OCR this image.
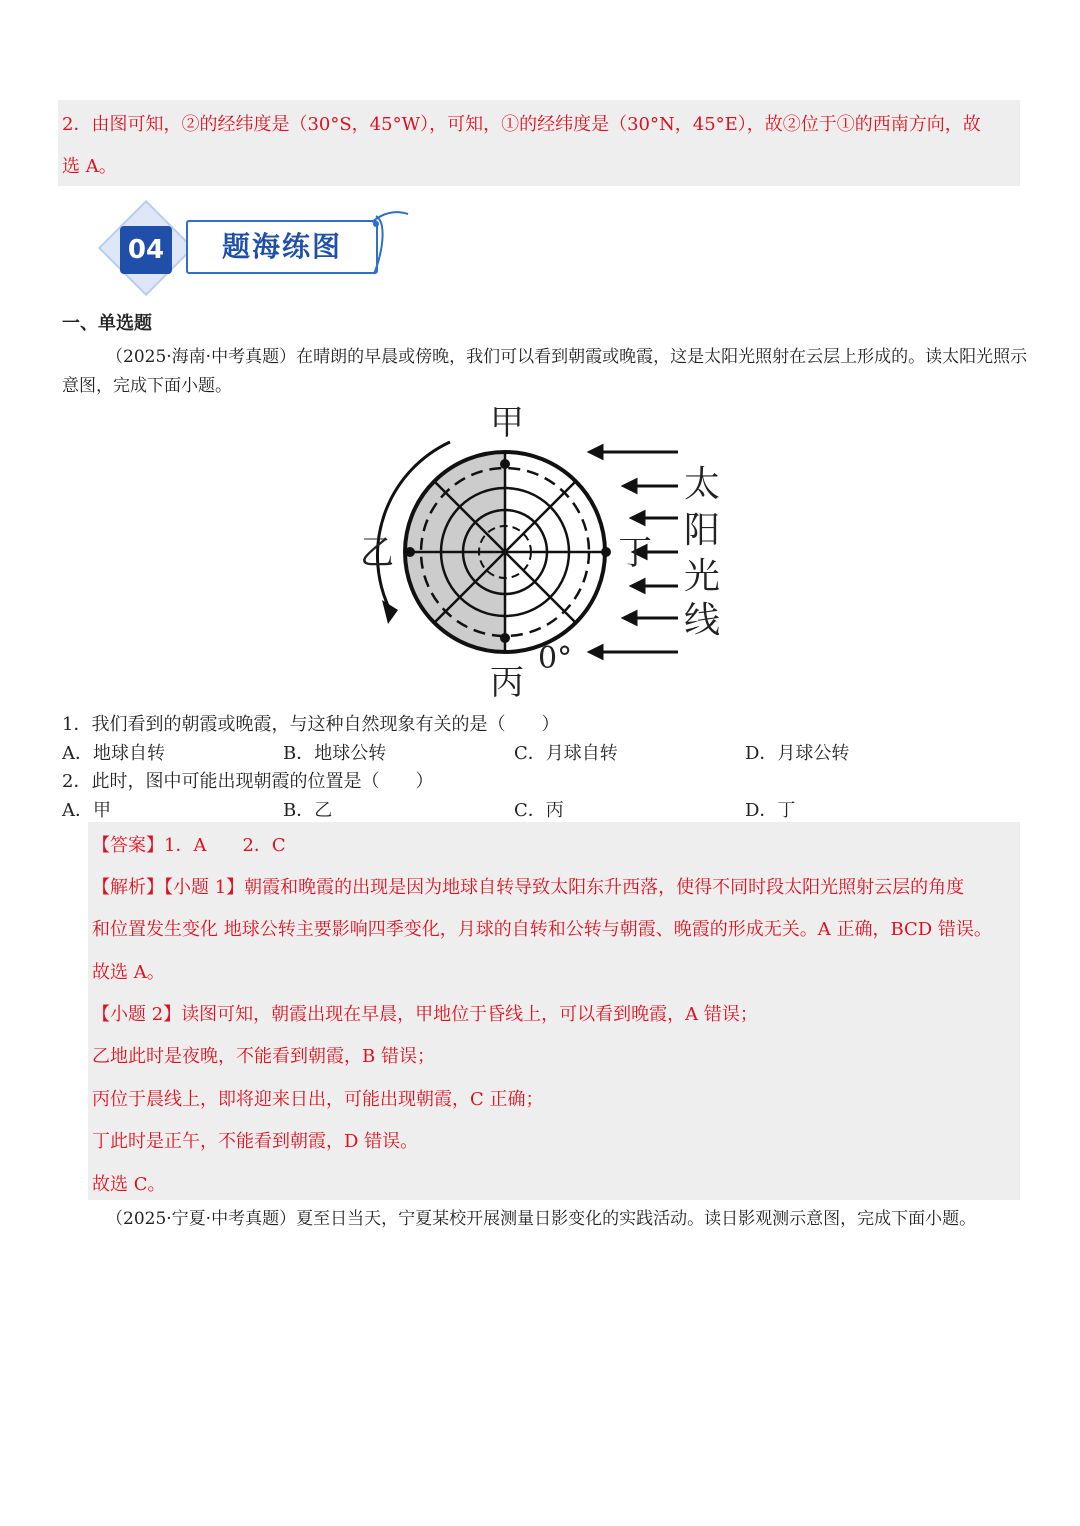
2．由图可知，②的经纬度是（30°S，45°W），可知，①的经纬度是（30°N，45°E），故②位于①的西南方向，故
选 A。
04	题海练图
一、单选题
（2025·海南·中考真题）在晴朗的早晨或傍晚，我们可以看到朝霞或晚霞，这是太阳光照射在云层上形成的。读太阳光照示意图，完成下面小题。
甲
乙	丁
丙
0°
太
阳
光
线
1．我们看到的朝霞或晚霞，与这种自然现象有关的是（　　）
A．地球自转	B．地球公转	C．月球自转	D．月球公转
2．此时，图中可能出现朝霞的位置是（　　）
A．甲	B．乙	C．丙	D．丁
【答案】1．A　　2．C
【解析】【小题 1】朝霞和晚霞的出现是因为地球自转导致太阳东升西落，使得不同时段太阳光照射云层的角度
和位置发生变化 地球公转主要影响四季变化，月球的自转和公转与朝霞、晚霞的形成无关。A 正确，BCD 错误。
故选 A。
【小题 2】读图可知，朝霞出现在早晨，甲地位于昏线上，可以看到晚霞，A 错误；
乙地此时是夜晚，不能看到朝霞，B 错误；
丙位于晨线上，即将迎来日出，可能出现朝霞，C 正确；
丁此时是正午，不能看到朝霞，D 错误。
故选 C。
（2025·宁夏·中考真题）夏至日当天，宁夏某校开展测量日影变化的实践活动。读日影观测示意图，完成下面小题。
